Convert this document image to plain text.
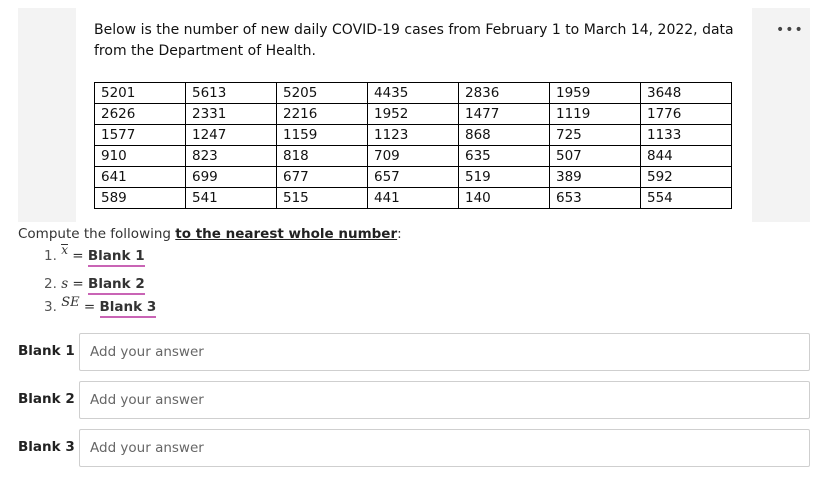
•••
Below is the number of new daily COVID-19 cases from February 1 to March 14, 2022, data from the Department of Health.
5201	5613	5205	4435	2836	1959	3648
2626	2331	2216	1952	1477	1119	1776
1577	1247	1159	1123	868	725	1133
910	823	818	709	635	507	844
641	699	677	657	519	389	592
589	541	515	441	140	653	554
Compute the following to the nearest whole number:
1. x = Blank 1
2. s = Blank 2
3. SE = Blank 3
Blank 1
Add your answer
Blank 2
Add your answer
Blank 3
Add your answer
